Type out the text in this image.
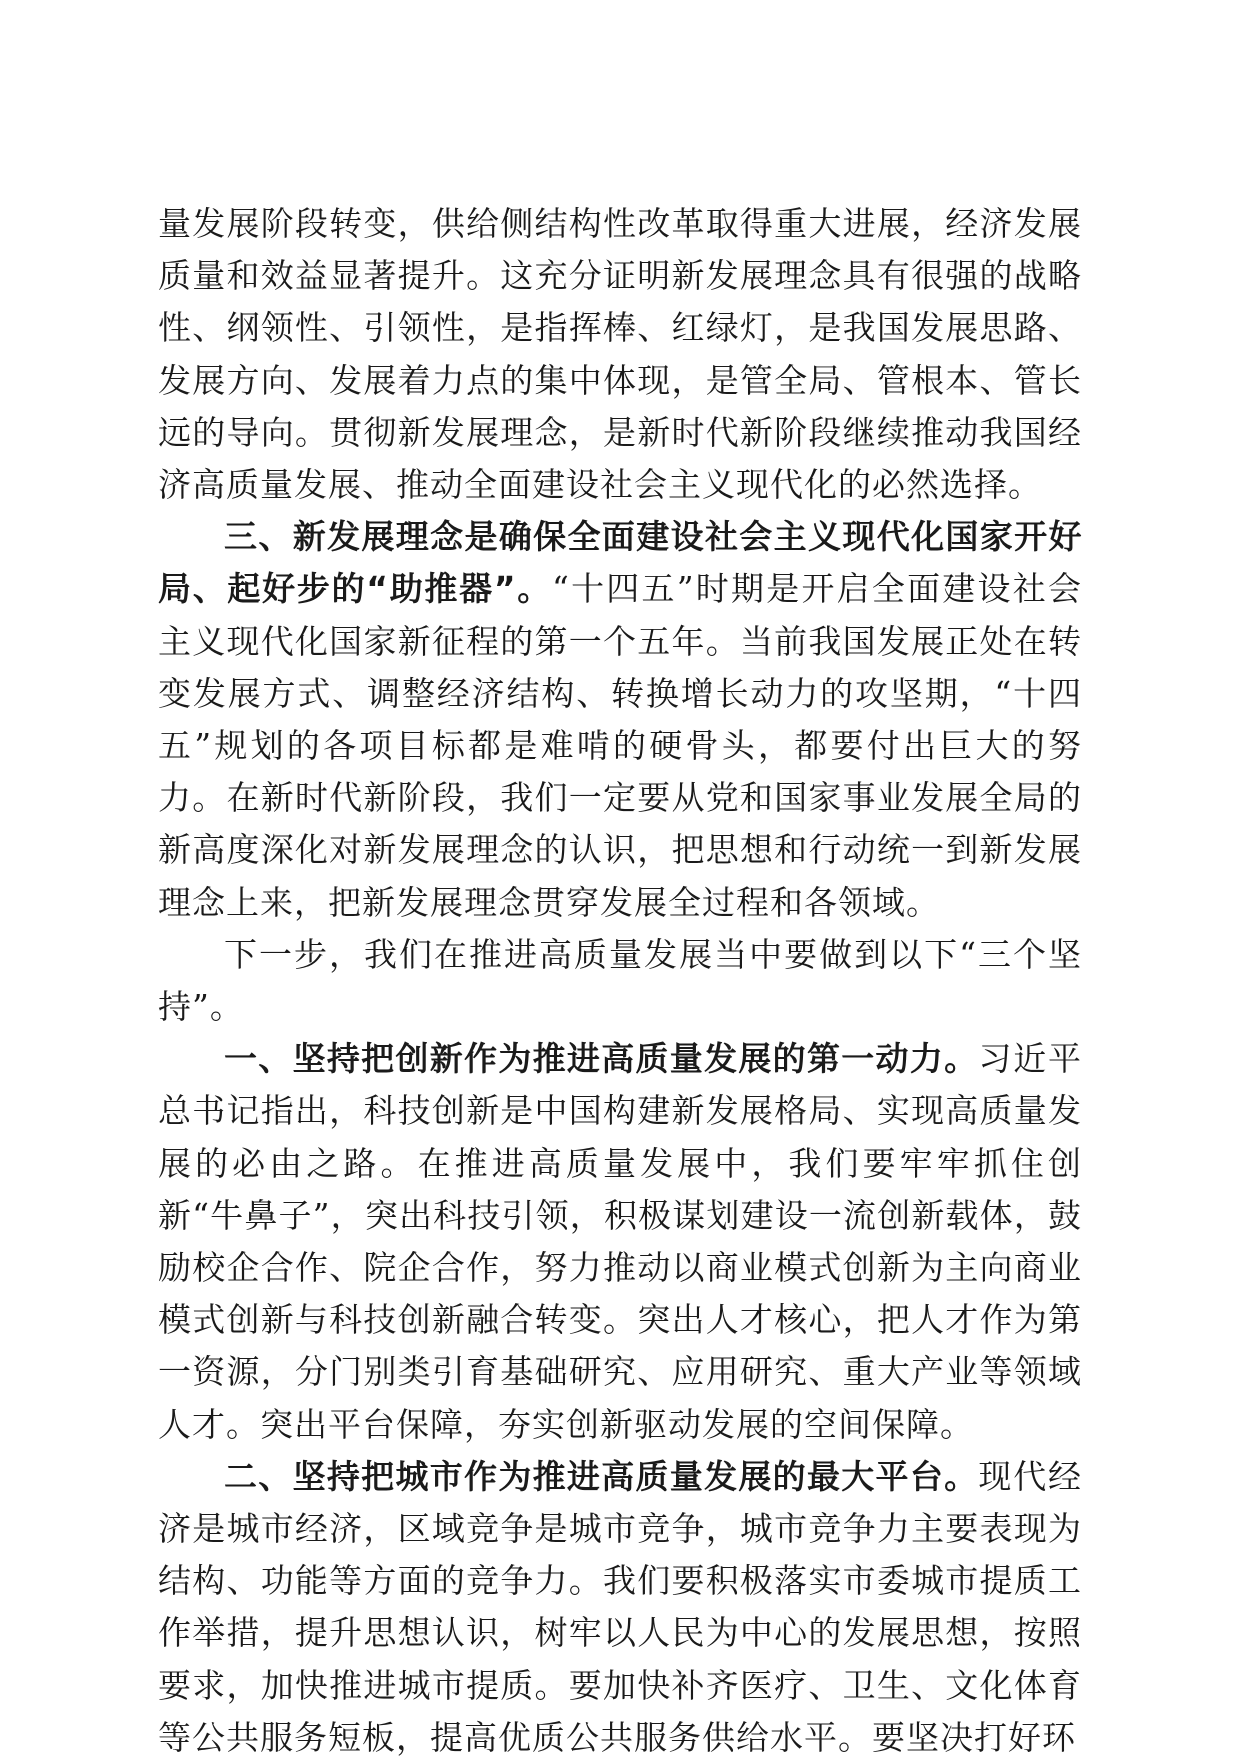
量发展阶段转变，供给侧结构性改革取得重大进展，经济发展质量和效益显著提升。这充分证明新发展理念具有很强的战略性、纲领性、引领性，是指挥棒、红绿灯，是我国发展思路、发展方向、发展着力点的集中体现，是管全局、管根本、管长远的导向。贯彻新发展理念，是新时代新阶段继续推动我国经济高质量发展、推动全面建设社会主义现代化的必然选择。

三、新发展理念是确保全面建设社会主义现代化国家开好局、起好步的“助推器”。“十四五”时期是开启全面建设社会主义现代化国家新征程的第一个五年。当前我国发展正处在转变发展方式、调整经济结构、转换增长动力的攻坚期，“十四五”规划的各项目标都是难啃的硬骨头，都要付出巨大的努力。在新时代新阶段，我们一定要从党和国家事业发展全局的新高度深化对新发展理念的认识，把思想和行动统一到新发展理念上来，把新发展理念贯穿发展全过程和各领域。

下一步，我们在推进高质量发展当中要做到以下“三个坚持”。

一、坚持把创新作为推进高质量发展的第一动力。习近平总书记指出，科技创新是中国构建新发展格局、实现高质量发展的必由之路。在推进高质量发展中，我们要牢牢抓住创新“牛鼻子”，突出科技引领，积极谋划建设一流创新载体，鼓励校企合作、院企合作，努力推动以商业模式创新为主向商业模式创新与科技创新融合转变。突出人才核心，把人才作为第一资源，分门别类引育基础研究、应用研究、重大产业等领域人才。突出平台保障，夯实创新驱动发展的空间保障。

二、坚持把城市作为推进高质量发展的最大平台。现代经济是城市经济，区域竞争是城市竞争，城市竞争力主要表现为结构、功能等方面的竞争力。我们要积极落实市委城市提质工作举措，提升思想认识，树牢以人民为中心的发展思想，按照要求，加快推进城市提质。要加快补齐医疗、卫生、文化体育等公共服务短板，提高优质公共服务供给水平。要坚决打好环
